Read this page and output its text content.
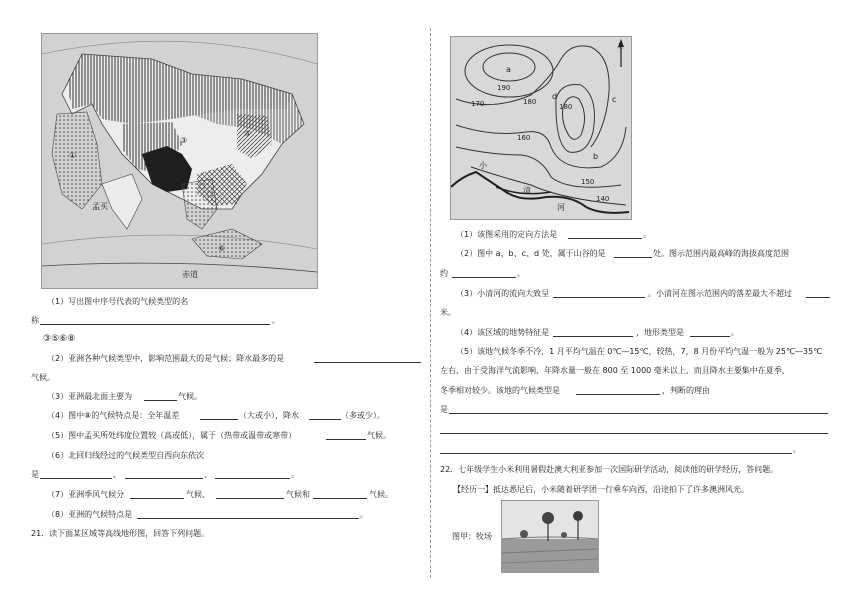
①
③
⑤
⑥
孟买
赤道
（1）写出图中序号代表的气候类型的名
称	。
③⑤⑥⑧
（2）亚洲各种气候类型中，影响范围最大的是气候；降水最多的是
气候。
（3）亚洲最北面主要为	气候。
（4）图中⑧的气候特点是：全年温差	（大或小），降水	（多或少）。
（5）图中孟买所处纬度位置较（高或低），属于（热带或温带或寒带）	气候。
（6）北回归线经过的气候类型自西向东依次
是	、	、	。
（7）亚洲季风气候分	气候、	气候和	气候。
（8）亚洲的气候特点是	。
21．读下面某区域等高线地形图，回答下列问题。
a
190
180
d
180
c
170
160
b
150
140
小
清
河
北
（1）该图采用的定向方法是	。
（2）图中 a、b、c、d 处，属于山谷的是	处。图示范围内最高峰的海拔高度范围
约	。
（3）小清河的流向大致呈	。小清河在图示范围内的落差最大不超过
米。
（4）该区域的地势特征是	，地形类型是	。
（5）该地气候冬季不冷，1 月平均气温在 0℃—15℃，较热，7，8 月份平均气温一般为 25℃—35℃
左右，由于受海洋气流影响，年降水量一般在 800 至 1000 毫米以上，而且降水主要集中在夏季，
冬季相对较少。该地的气候类型是	，判断的理由
是
。
22．七年级学生小米利用暑假赴澳大利亚参加一次国际研学活动，阅读他的研学经历，答问题。
【经历一】抵达悉尼后，小米随着研学团一行乘车向西，沿途拍下了许多澳洲风光。
图甲：牧场
